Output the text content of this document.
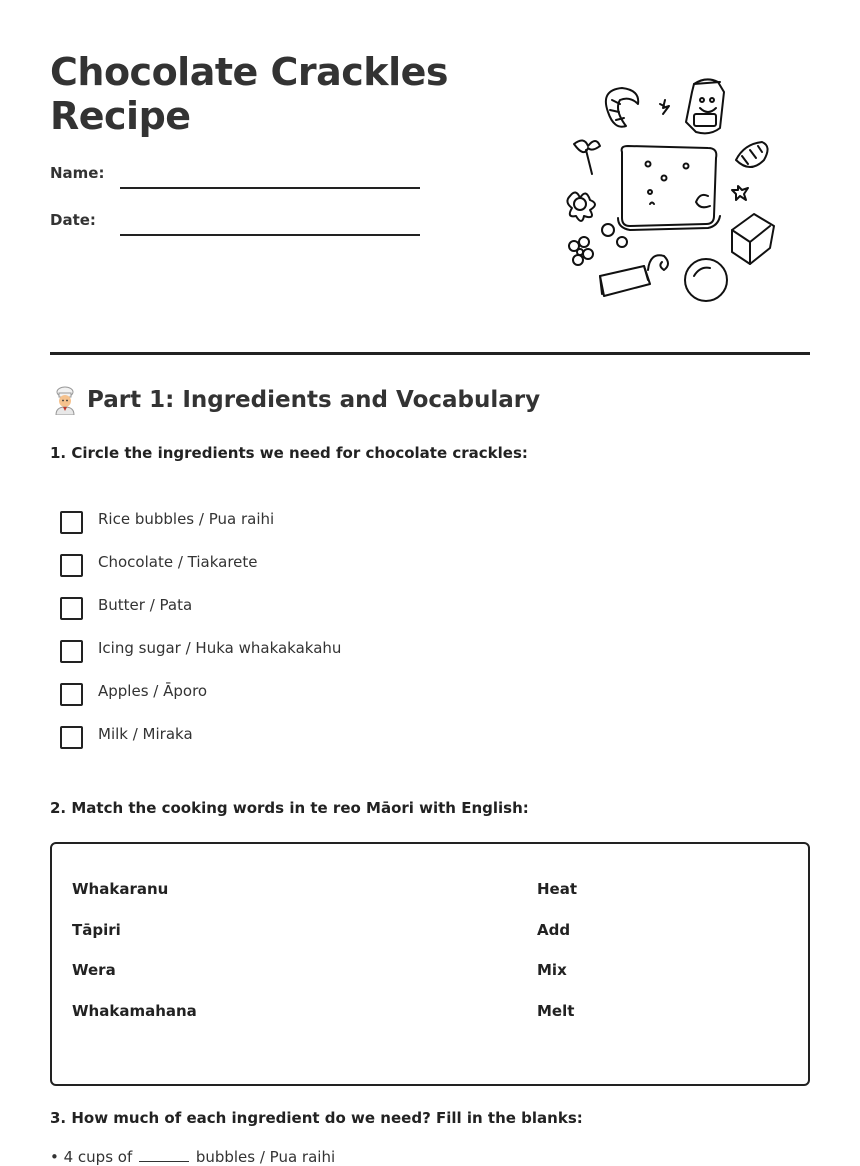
Chocolate Crackles Recipe
Name:
Date:
Part 1: Ingredients and Vocabulary

1. Circle the ingredients we need for chocolate crackles:

Rice bubbles / Pua raihi
Chocolate / Tiakarete
Butter / Pata
Icing sugar / Huka whakakakahu
Apples / Āporo
Milk / Miraka

2. Match the cooking words in te reo Māori with English:

Whakaranu
Tāpiri
Wera
Whakamahana
Heat
Add
Mix
Melt

3. How much of each ingredient do we need? Fill in the blanks:

• 4 cups of	bubbles / Pua raihi
